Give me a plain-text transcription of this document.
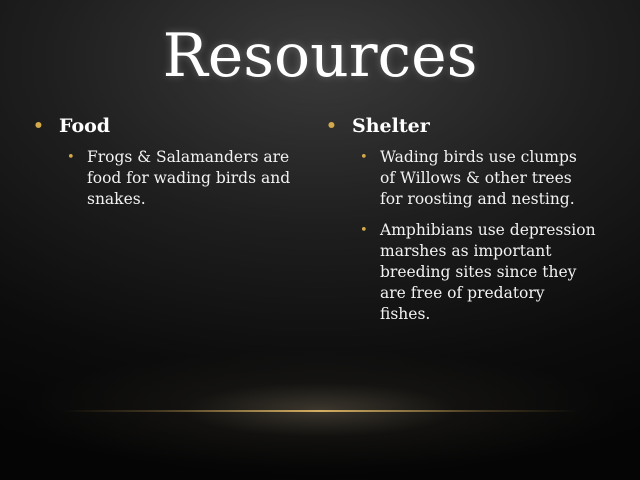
Resources
• Food
• Frogs & Salamanders are food for wading birds and snakes.
• Shelter
• Wading birds use clumps of Willows & other trees for roosting and nesting.
• Amphibians use depression marshes as important breeding sites since they are free of predatory fishes.
